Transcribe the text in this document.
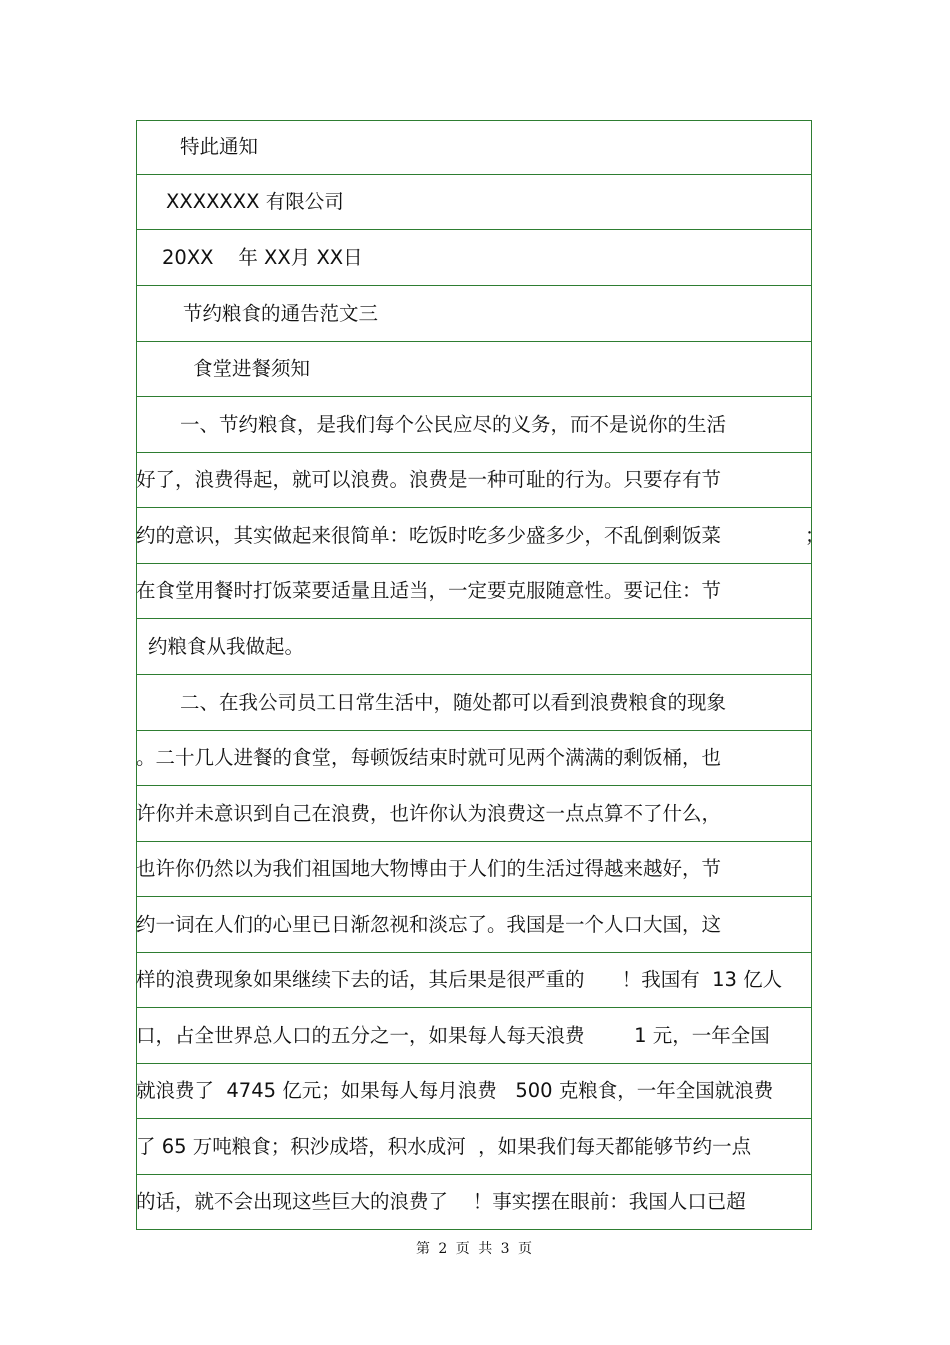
特此通知
XXXXXXX 有限公司
20XX    年 XX月 XX日
节约粮食的通告范文三
食堂进餐须知
一、节约粮食，是我们每个公民应尽的义务，而不是说你的生活
好了，浪费得起，就可以浪费。浪费是一种可耻的行为。只要存有节
约的意识，其实做起来很简单：吃饭时吃多少盛多少，不乱倒剩饭菜
在食堂用餐时打饭菜要适量且适当，一定要克服随意性。要记住：节
约粮食从我做起。
二、在我公司员工日常生活中，随处都可以看到浪费粮食的现象
。二十几人进餐的食堂，每顿饭结束时就可见两个满满的剩饭桶，也
许你并未意识到自己在浪费，也许你认为浪费这一点点算不了什么，
也许你仍然以为我们祖国地大物博由于人们的生活过得越来越好，节
约一词在人们的心里已日渐忽视和淡忘了。我国是一个人口大国，这
样的浪费现象如果继续下去的话，其后果是很严重的      ！我国有  13 亿人
口，占全世界总人口的五分之一，如果每人每天浪费        1 元，一年全国
就浪费了  4745 亿元；如果每人每月浪费   500 克粮食，一年全国就浪费
了 65 万吨粮食；积沙成塔，积水成河  ，如果我们每天都能够节约一点
的话，就不会出现这些巨大的浪费了    ！事实摆在眼前：我国人口已超
；
第 2 页 共 3 页
